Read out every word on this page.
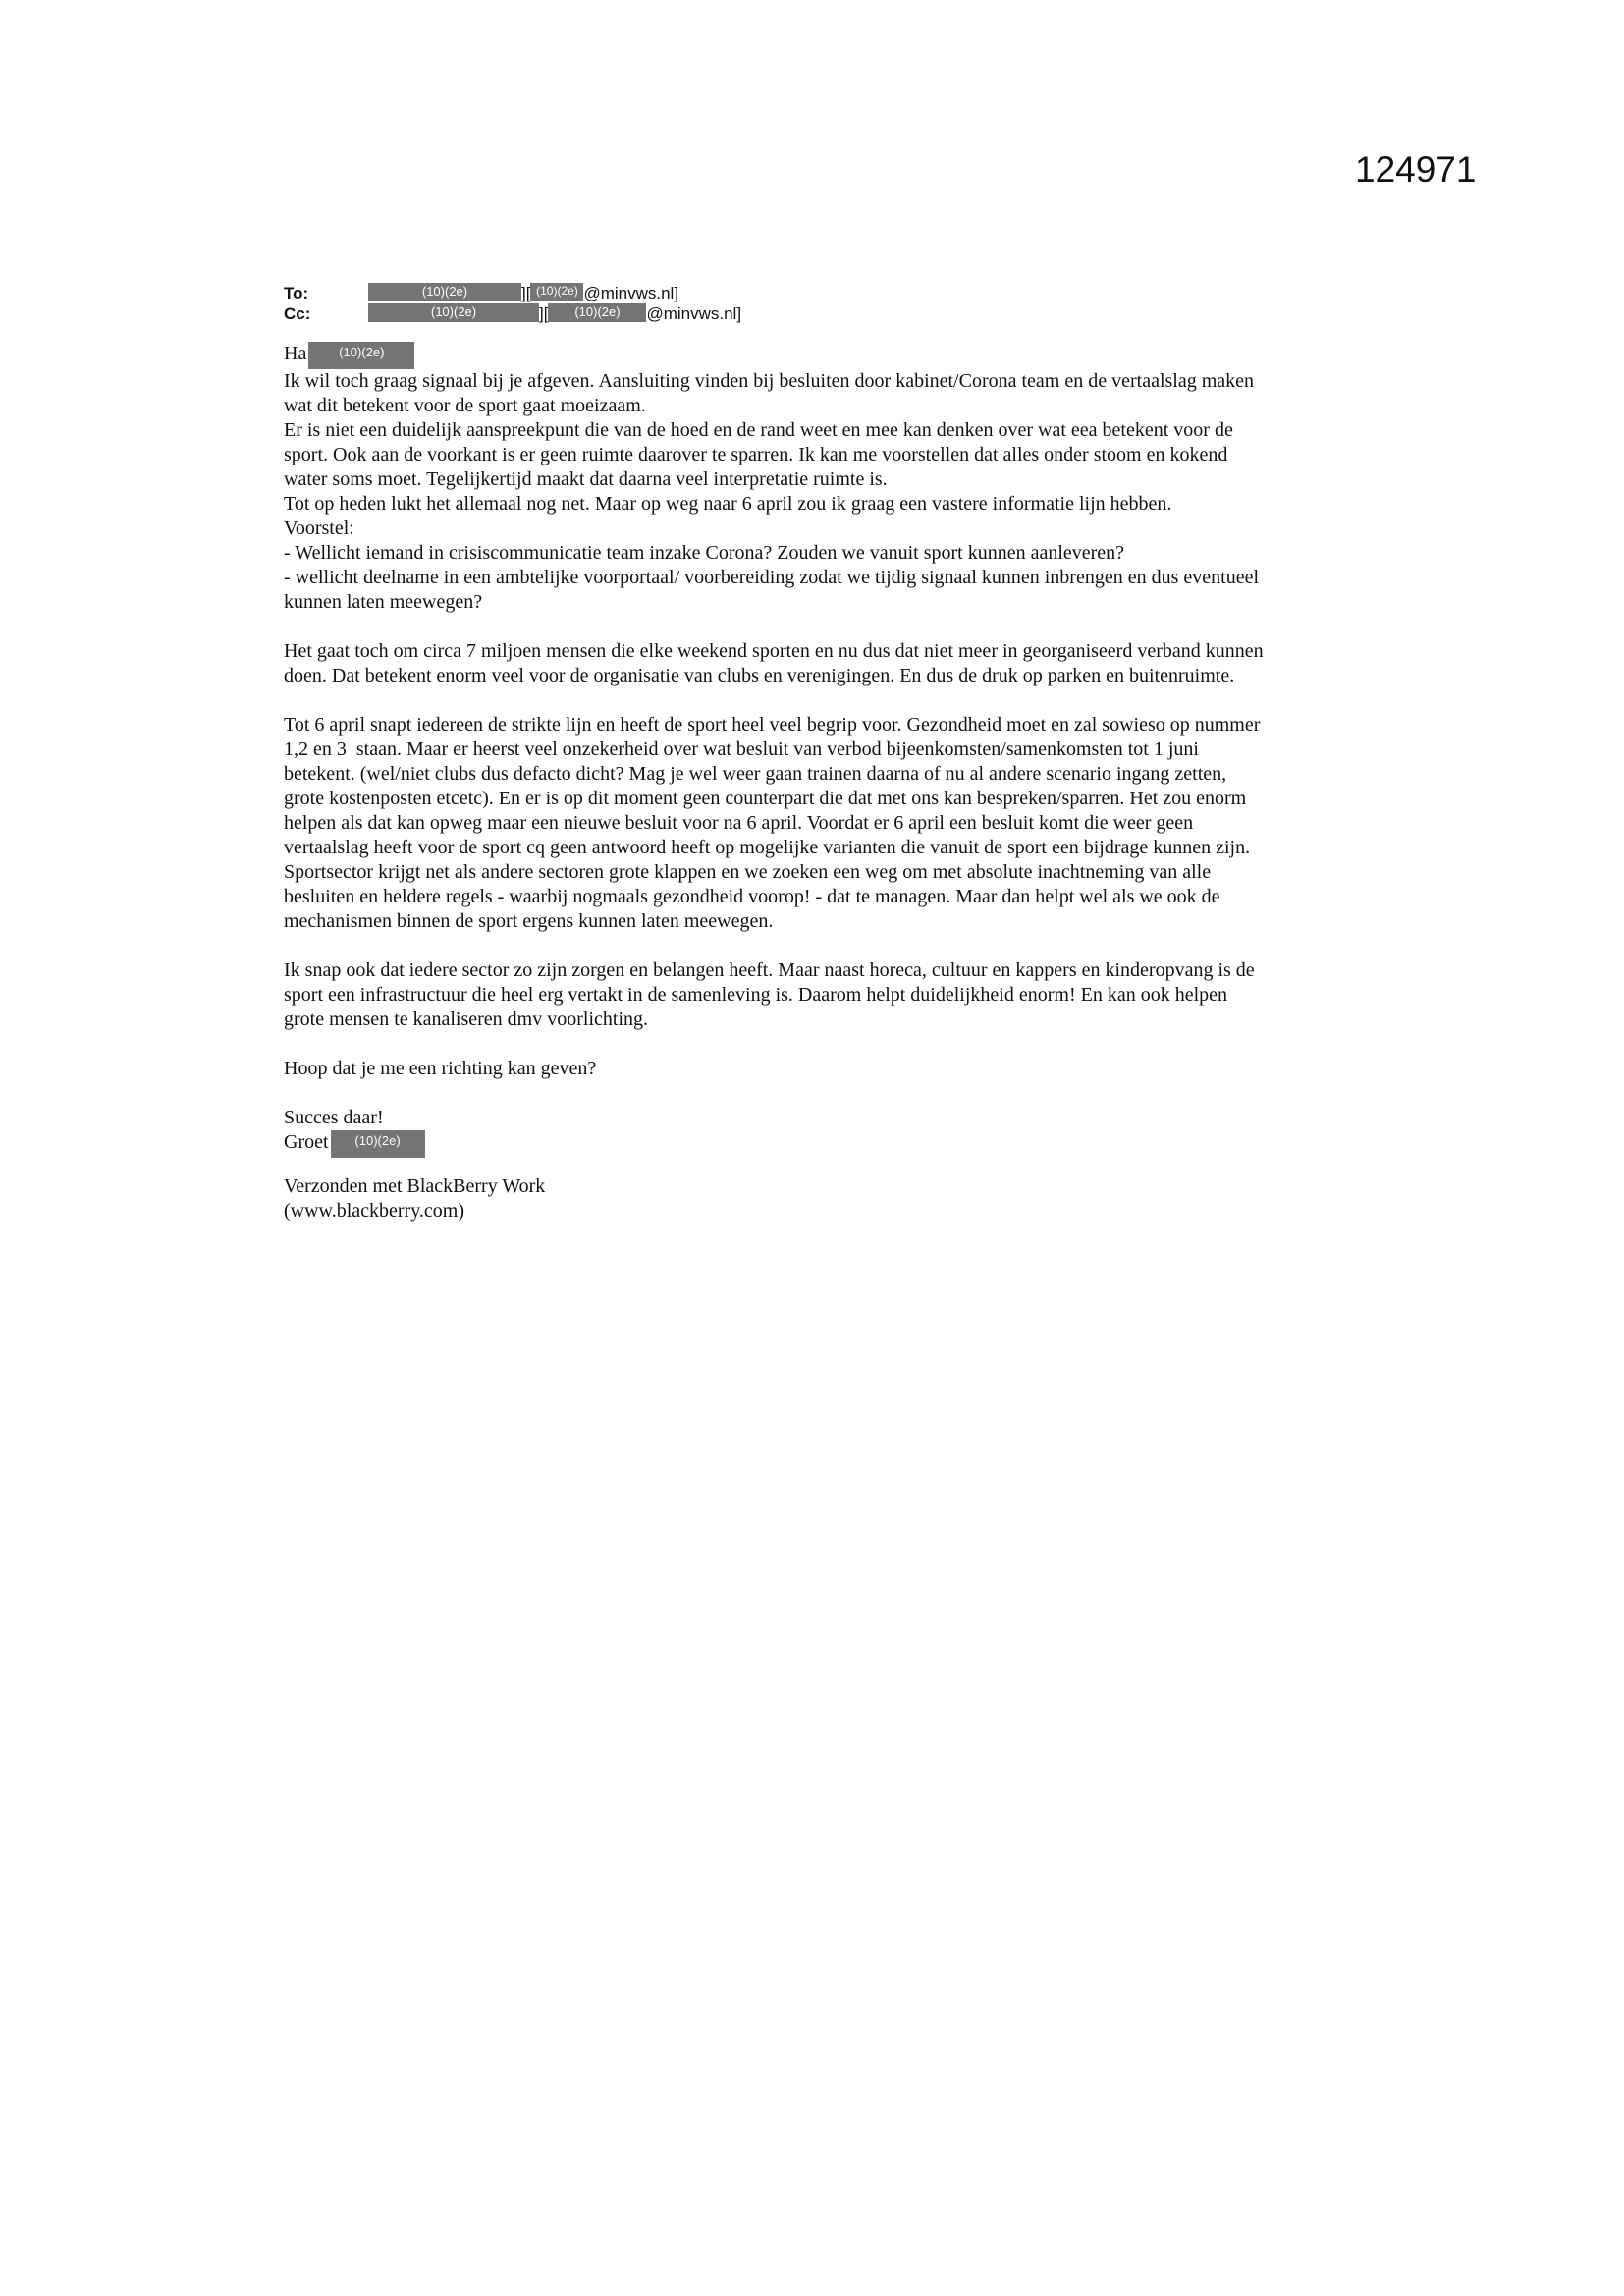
124971
To:	(10)(2e)	][ (10)(2e) @minvws.nl]
Cc:	(10)(2e)	][ (10)(2e) @minvws.nl]

Ha	(10)(2e)

Ik wil toch graag signaal bij je afgeven. Aansluiting vinden bij besluiten door kabinet/Corona team en de vertaalslag maken

wat dit betekent voor de sport gaat moeizaam.

Er is niet een duidelijk aanspreekpunt die van de hoed en de rand weet en mee kan denken over wat eea betekent voor de

sport. Ook aan de voorkant is er geen ruimte daarover te sparren. Ik kan me voorstellen dat alles onder stoom en kokend

water soms moet. Tegelijkertijd maakt dat daarna veel interpretatie ruimte is.

Tot op heden lukt het allemaal nog net. Maar op weg naar 6 april zou ik graag een vastere informatie lijn hebben.

Voorstel:

- Wellicht iemand in crisiscommunicatie team inzake Corona? Zouden we vanuit sport kunnen aanleveren?

- wellicht deelname in een ambtelijke voorportaal/ voorbereiding zodat we tijdig signaal kunnen inbrengen en dus eventueel

kunnen laten meewegen?

Het gaat toch om circa 7 miljoen mensen die elke weekend sporten en nu dus dat niet meer in georganiseerd verband kunnen

doen. Dat betekent enorm veel voor de organisatie van clubs en verenigingen. En dus de druk op parken en buitenruimte.

Tot 6 april snapt iedereen de strikte lijn en heeft de sport heel veel begrip voor. Gezondheid moet en zal sowieso op nummer

1,2 en 3  staan. Maar er heerst veel onzekerheid over wat besluit van verbod bijeenkomsten/samenkomsten tot 1 juni

betekent. (wel/niet clubs dus defacto dicht? Mag je wel weer gaan trainen daarna of nu al andere scenario ingang zetten,

grote kostenposten etcetc). En er is op dit moment geen counterpart die dat met ons kan bespreken/sparren. Het zou enorm

helpen als dat kan opweg maar een nieuwe besluit voor na 6 april. Voordat er 6 april een besluit komt die weer geen

vertaalslag heeft voor de sport cq geen antwoord heeft op mogelijke varianten die vanuit de sport een bijdrage kunnen zijn.

Sportsector krijgt net als andere sectoren grote klappen en we zoeken een weg om met absolute inachtneming van alle

besluiten en heldere regels - waarbij nogmaals gezondheid voorop! - dat te managen. Maar dan helpt wel als we ook de

mechanismen binnen de sport ergens kunnen laten meewegen.

Ik snap ook dat iedere sector zo zijn zorgen en belangen heeft. Maar naast horeca, cultuur en kappers en kinderopvang is de

sport een infrastructuur die heel erg vertakt in de samenleving is. Daarom helpt duidelijkheid enorm! En kan ook helpen

grote mensen te kanaliseren dmv voorlichting.

Hoop dat je me een richting kan geven?

Succes daar!

Groet (10)(2e)

Verzonden met BlackBerry Work

(www.blackberry.com)
